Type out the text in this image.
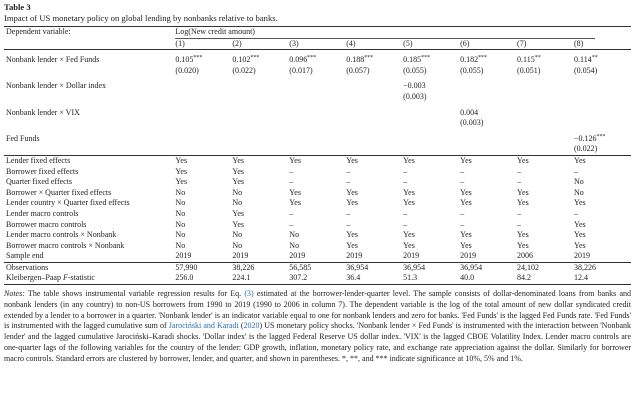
Table 3
Impact of US monetary policy on global lending by nonbanks relative to banks.
Dependent variable:	Log(New credit amount)							
	(1)	(2)	(3)	(4)	(5)	(6)	(7)	(8)

Nonbank lender × Fed Funds	0.105***	0.102***	0.096***	0.188***	0.185***	0.182***	0.115**	0.114**
	(0.020)	(0.022)	(0.017)	(0.057)	(0.055)	(0.055)	(0.051)	(0.054)

Nonbank lender × Dollar index					−0.003			
					(0.003)			

Nonbank lender × VIX						0.004		
						(0.003)		

Fed Funds								−0.126***
								(0.022)
Lender fixed effects	Yes	Yes	Yes	Yes	Yes	Yes	Yes	Yes
Borrower fixed effects	Yes	Yes	–	–	–	–	–	–
Quarter fixed effects	Yes	Yes	–	–	–	–	–	No
Borrower × Quarter fixed effects	No	No	Yes	Yes	Yes	Yes	Yes	No
Lender country × Quarter fixed effects	No	No	Yes	Yes	Yes	Yes	Yes	Yes
Lender macro controls	No	Yes	–	–	–	–	–	–
Borrower macro controls	No	Yes	–	–	–	–	–	Yes
Lender macro controls × Nonbank	No	No	No	Yes	Yes	Yes	Yes	Yes
Borrower macro controls × Nonbank	No	No	No	Yes	Yes	Yes	Yes	Yes
Sample end	2019	2019	2019	2019	2019	2019	2006	2019
Observations	57,990	38,226	56,585	36,954	36,954	36,954	24,102	38,226
Kleibergen–Paap F-statistic	256.0	224.1	307.2	36.4	51.3	40.0	84.2	12.4
Notes: The table shows instrumental variable regression results for Eq. (3) estimated at the borrower-lender-quarter level. The sample consists of dollar-denominated loans from banks and nonbank lenders (in any country) to non-US borrowers from 1990 to 2019 (1990 to 2006 in column 7). The dependent variable is the log of the total amount of new dollar syndicated credit extended by a lender to a borrower in a quarter. 'Nonbank lender' is an indicator variable equal to one for nonbank lenders and zero for banks. 'Fed Funds' is the lagged Fed Funds rate. 'Fed Funds' is instrumented with the lagged cumulative sum of Jarociński and Karadi (2020) US monetary policy shocks. 'Nonbank lender × Fed Funds' is instrumented with the interaction between 'Nonbank lender' and the lagged cumulative Jarociński–Karadi shocks. 'Dollar index' is the lagged Federal Reserve US dollar index. 'VIX' is the lagged CBOE Volatility Index. Lender macro controls are one-quarter lags of the following variables for the country of the lender: GDP growth, inflation, monetary policy rate, and exchange rate appreciation against the dollar. Similarly for borrower macro controls. Standard errors are clustered by borrower, lender, and quarter, and shown in parentheses. *, **, and *** indicate significance at 10%, 5% and 1%.
